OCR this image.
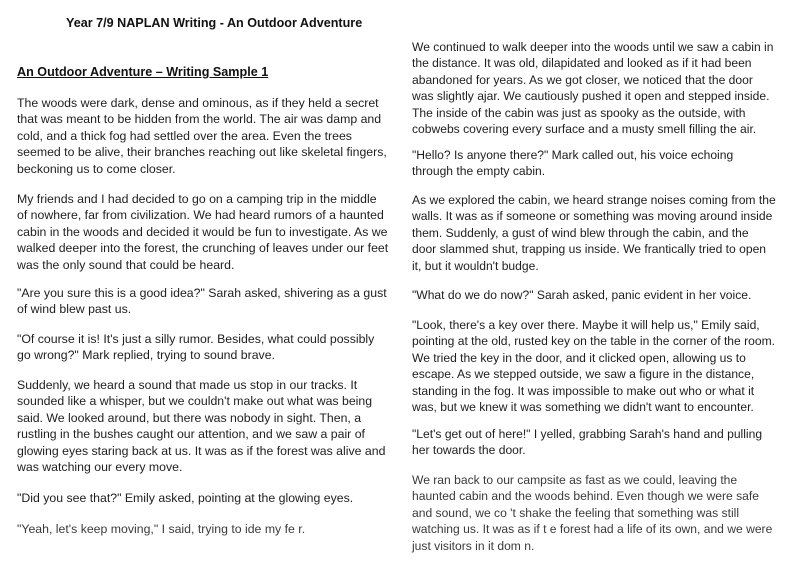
Year 7/9 NAPLAN Writing - An Outdoor Adventure
An Outdoor Adventure – Writing Sample 1

The woods were dark, dense and ominous, as if they held a secret that was meant to be hidden from the world. The air was damp and cold, and a thick fog had settled over the area. Even the trees seemed to be alive, their branches reaching out like skeletal fingers, beckoning us to come closer.

My friends and I had decided to go on a camping trip in the middle of nowhere, far from civilization. We had heard rumors of a haunted cabin in the woods and decided it would be fun to investigate. As we walked deeper into the forest, the crunching of leaves under our feet was the only sound that could be heard.

"Are you sure this is a good idea?" Sarah asked, shivering as a gust of wind blew past us.

"Of course it is! It's just a silly rumor. Besides, what could possibly go wrong?" Mark replied, trying to sound brave.

Suddenly, we heard a sound that made us stop in our tracks. It sounded like a whisper, but we couldn't make out what was being said. We looked around, but there was nobody in sight. Then, a rustling in the bushes caught our attention, and we saw a pair of glowing eyes staring back at us. It was as if the forest was alive and was watching our every move.

"Did you see that?" Emily asked, pointing at the glowing eyes.

"Yeah, let's keep moving," I said, trying to ide my fe r.

We continued to walk deeper into the woods until we saw a cabin in the distance. It was old, dilapidated and looked as if it had been abandoned for years. As we got closer, we noticed that the door was slightly ajar. We cautiously pushed it open and stepped inside. The inside of the cabin was just as spooky as the outside, with cobwebs covering every surface and a musty smell filling the air.

"Hello? Is anyone there?" Mark called out, his voice echoing through the empty cabin.

As we explored the cabin, we heard strange noises coming from the walls. It was as if someone or something was moving around inside them. Suddenly, a gust of wind blew through the cabin, and the door slammed shut, trapping us inside. We frantically tried to open it, but it wouldn't budge.

"What do we do now?" Sarah asked, panic evident in her voice.

"Look, there's a key over there. Maybe it will help us," Emily said, pointing at the old, rusted key on the table in the corner of the room. We tried the key in the door, and it clicked open, allowing us to escape. As we stepped outside, we saw a figure in the distance, standing in the fog. It was impossible to make out who or what it was, but we knew it was something we didn't want to encounter.

"Let's get out of here!" I yelled, grabbing Sarah's hand and pulling her towards the door.

We ran back to our campsite as fast as we could, leaving the haunted cabin and the woods behind. Even though we were safe and sound, we co 't shake the feeling that something was still watching us. It was as if t e forest had a life of its own, and we were just visitors in it dom n.
